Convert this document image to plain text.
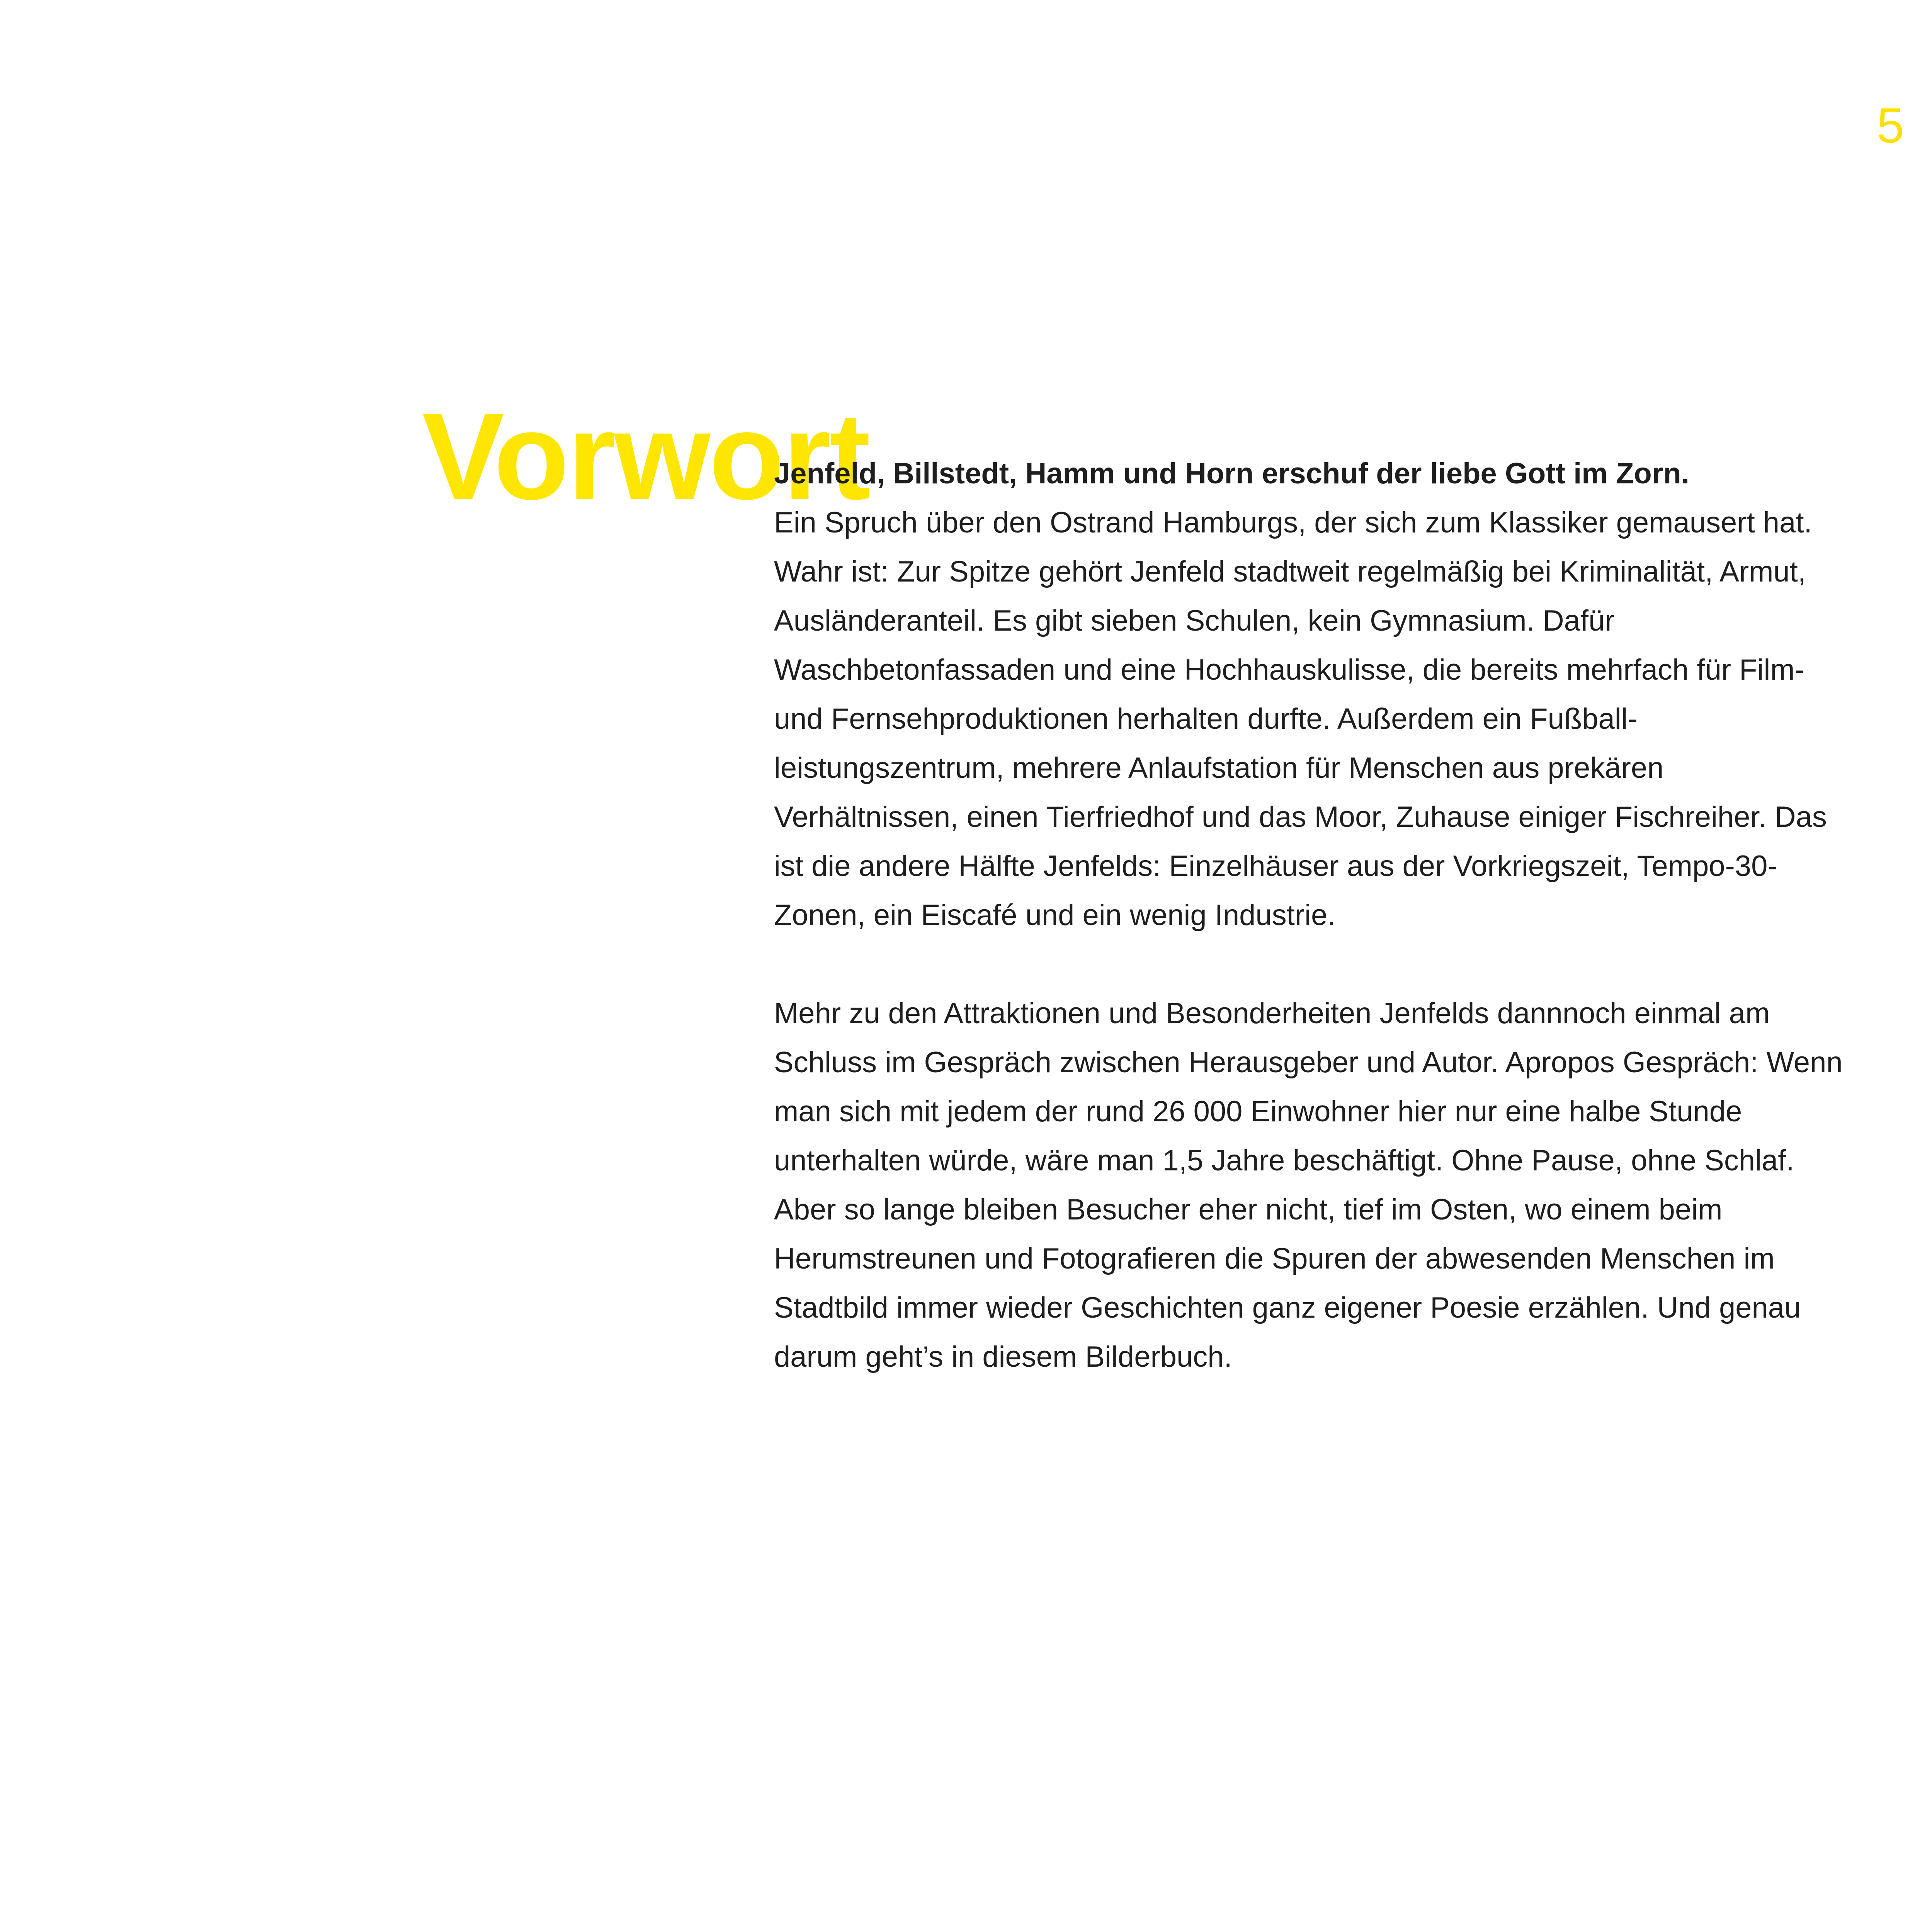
5
Vorwort

Jenfeld, Billstedt, Hamm und Horn erschuf der liebe Gott im Zorn.

Ein Spruch über den Ostrand Hamburgs, der sich zum Klassiker gemausert hat. Wahr ist: Zur Spitze gehört Jenfeld stadtweit regelmäßig bei Kriminalität, Armut, Ausländeranteil. Es gibt sieben Schulen, kein Gymnasium. Dafür Waschbetonfassaden und eine Hochhauskulisse, die bereits mehrfach für Film- und Fernsehproduktionen herhalten durfte. Außerdem ein Fußballleistungszentrum, mehrere Anlaufstation für Menschen aus prekären Verhältnissen, einen Tierfriedhof und das Moor, Zuhause einiger Fischreiher. Das ist die andere Hälfte Jenfelds: Einzelhäuser aus der Vorkriegszeit, Tempo-30-Zonen, ein Eiscafé und ein wenig Industrie.

Mehr zu den Attraktionen und Besonderheiten Jenfelds dannnoch einmal am Schluss im Gespräch zwischen Herausgeber und Autor. Apropos Gespräch: Wenn man sich mit jedem der rund 26 000 Einwohner hier nur eine halbe Stunde unterhalten würde, wäre man 1,5 Jahre beschäftigt. Ohne Pause, ohne Schlaf. Aber so lange bleiben Besucher eher nicht, tief im Osten, wo einem beim Herumstreunen und Fotografieren die Spuren der abwesenden Menschen im Stadtbild immer wieder Geschichten ganz eigener Poesie erzählen. Und genau darum geht’s in diesem Bilderbuch.
